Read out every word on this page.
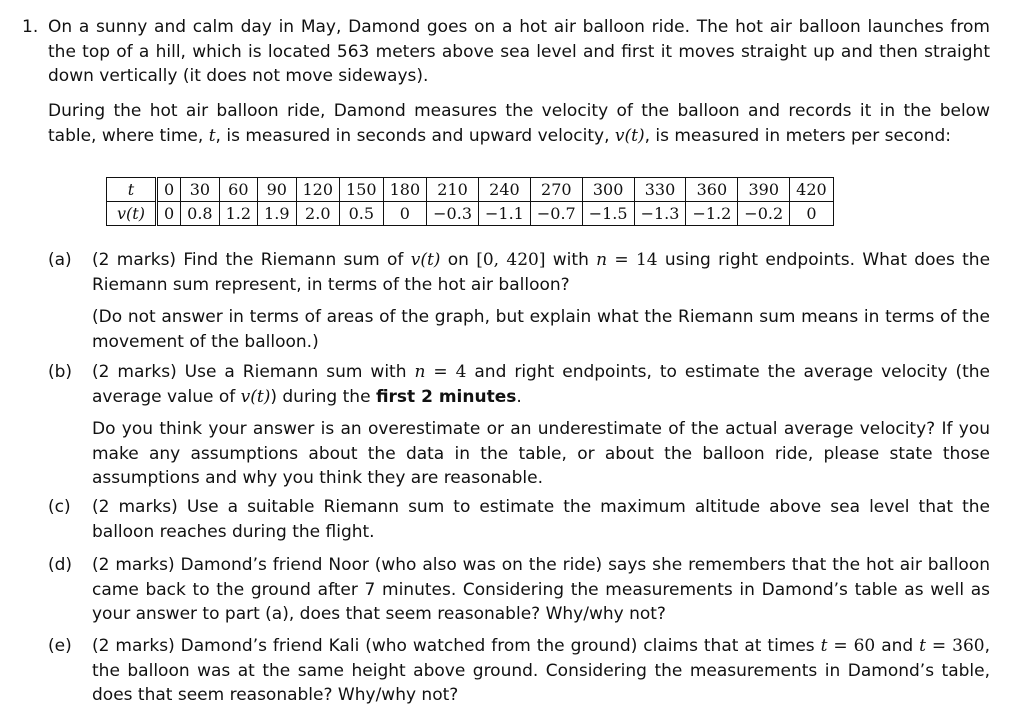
1. On a sunny and calm day in May, Damond goes on a hot air balloon ride. The hot air balloon launches from the top of a hill, which is located 563 meters above sea level and first it moves straight up and then straight down vertically (it does not move sideways).
During the hot air balloon ride, Damond measures the velocity of the balloon and records it in the below table, where time, t, is measured in seconds and upward velocity, v(t), is measured in meters per second:
t	0	30	60	90	120	150	180	210	240	270	300	330	360	390	420
v(t)	0	0.8	1.2	1.9	2.0	0.5	0	−0.3	−1.1	−0.7	−1.5	−1.3	−1.2	−0.2	0
(a) (2 marks) Find the Riemann sum of v(t) on [0, 420] with n = 14 using right endpoints. What does the Riemann sum represent, in terms of the hot air balloon?

(Do not answer in terms of areas of the graph, but explain what the Riemann sum means in terms of the movement of the balloon.)

(b) (2 marks) Use a Riemann sum with n = 4 and right endpoints, to estimate the average velocity (the average value of v(t)) during the first 2 minutes.

Do you think your answer is an overestimate or an underestimate of the actual average velocity? If you make any assumptions about the data in the table, or about the balloon ride, please state those assumptions and why you think they are reasonable.

(c) (2 marks) Use a suitable Riemann sum to estimate the maximum altitude above sea level that the balloon reaches during the flight.

(d) (2 marks) Damond’s friend Noor (who also was on the ride) says she remembers that the hot air balloon came back to the ground after 7 minutes. Considering the measurements in Damond’s table as well as your answer to part (a), does that seem reasonable? Why/why not?

(e) (2 marks) Damond’s friend Kali (who watched from the ground) claims that at times t = 60 and t = 360, the balloon was at the same height above ground. Considering the measurements in Damond’s table, does that seem reasonable? Why/why not?
